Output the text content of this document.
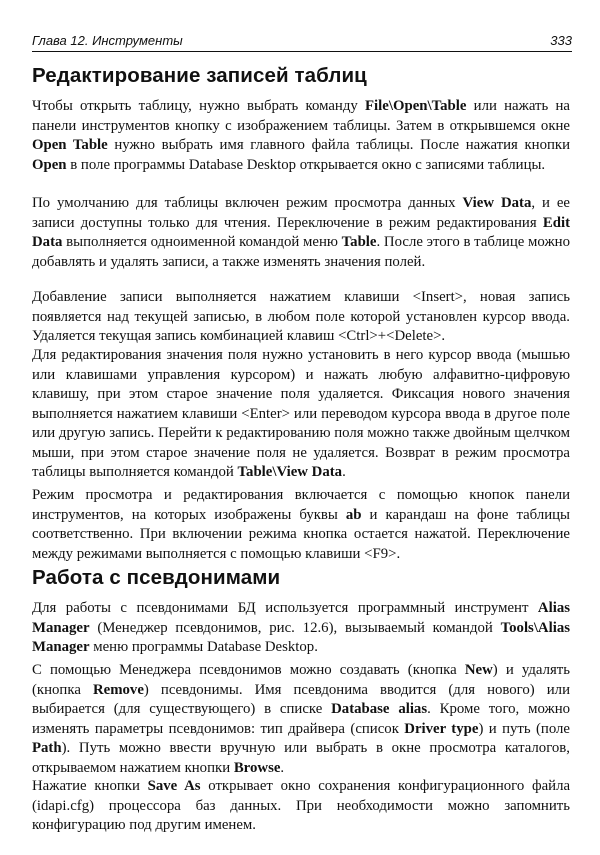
Глава 12. Инструменты	333
Редактирование записей таблиц

Чтобы открыть таблицу, нужно выбрать команду File\Open\Table или нажать на панели инструментов кнопку с изображением таблицы. Затем в открывшемся окне Open Table нужно выбрать имя главного файла таблицы. После нажатия кнопки Open в поле программы Database Desktop открывается окно с записями таблицы.

По умолчанию для таблицы включен режим просмотра данных View Data, и ее записи доступны только для чтения. Переключение в режим редактирования Edit Data выполняется одноименной командой меню Table. После этого в таблице можно добавлять и удалять записи, а также изменять значения полей.

Добавление записи выполняется нажатием клавиши <Insert>, новая запись появляется над текущей записью, в любом поле которой установлен курсор ввода. Удаляется текущая запись комбинацией клавиш <Ctrl>+<Delete>.

Для редактирования значения поля нужно установить в него курсор ввода (мышью или клавишами управления курсором) и нажать любую алфавитно-цифровую клавишу, при этом старое значение поля удаляется. Фиксация нового значения выполняется нажатием клавиши <Enter> или переводом курсора ввода в другое поле или другую запись. Перейти к редактированию поля можно также двойным щелчком мыши, при этом старое значение поля не удаляется. Возврат в режим просмотра таблицы выполняется командой Table\View Data.

Режим просмотра и редактирования включается с помощью кнопок панели инструментов, на которых изображены буквы ab и карандаш на фоне таблицы соответственно. При включении режима кнопка остается нажатой. Переключение между режимами выполняется с помощью клавиши <F9>.

Работа с псевдонимами

Для работы с псевдонимами БД используется программный инструмент Alias Manager (Менеджер псевдонимов, рис. 12.6), вызываемый командой Tools\Alias Manager меню программы Database Desktop.

С помощью Менеджера псевдонимов можно создавать (кнопка New) и удалять (кнопка Remove) псевдонимы. Имя псевдонима вводится (для нового) или выбирается (для существующего) в списке Database alias. Кроме того, можно изменять параметры псевдонимов: тип драйвера (список Driver type) и путь (поле Path). Путь можно ввести вручную или выбрать в окне просмотра каталогов, открываемом нажатием кнопки Browse.

Нажатие кнопки Save As открывает окно сохранения конфигурационного файла (idapi.cfg) процессора баз данных. При необходимости можно запомнить конфигурацию под другим именем.
